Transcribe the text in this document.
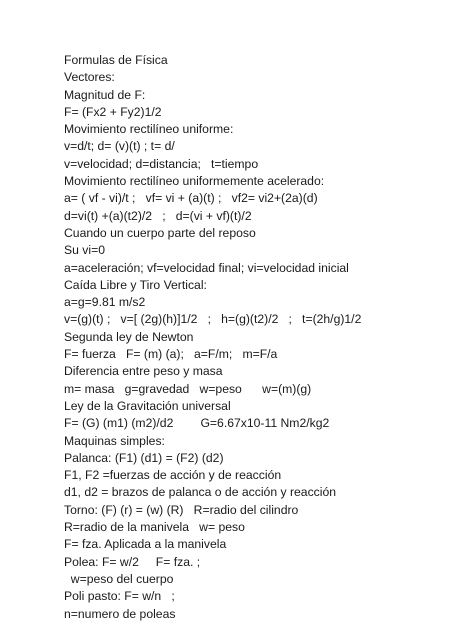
Formulas de Física
Vectores:
Magnitud de F:
F= (Fx2 + Fy2)1/2
Movimiento rectilíneo uniforme:
v=d/t; d= (v)(t) ; t= d/
v=velocidad; d=distancia;   t=tiempo
Movimiento rectilíneo uniformemente acelerado:
a= ( vf - vi)/t ;   vf= vi + (a)(t) ;   vf2= vi2+(2a)(d)
d=vi(t) +(a)(t2)/2   ;   d=(vi + vf)(t)/2
Cuando un cuerpo parte del reposo
Su vi=0
a=aceleración; vf=velocidad final; vi=velocidad inicial
Caída Libre y Tiro Vertical:
a=g=9.81 m/s2
v=(g)(t) ;   v=[ (2g)(h)]1/2   ;   h=(g)(t2)/2   ;   t=(2h/g)1/2
Segunda ley de Newton
F= fuerza   F= (m) (a);   a=F/m;   m=F/a
Diferencia entre peso y masa
m= masa   g=gravedad   w=peso      w=(m)(g)
Ley de la Gravitación universal
F= (G) (m1) (m2)/d2        G=6.67x10-11 Nm2/kg2
Maquinas simples:
Palanca: (F1) (d1) = (F2) (d2)
F1, F2 =fuerzas de acción y de reacción
d1, d2 = brazos de palanca o de acción y reacción
Torno: (F) (r) = (w) (R)   R=radio del cilindro
R=radio de la manivela   w= peso
F= fza. Aplicada a la manivela
Polea: F= w/2     F= fza. ;
w=peso del cuerpo
Poli pasto: F= w/n   ;
n=numero de poleas
